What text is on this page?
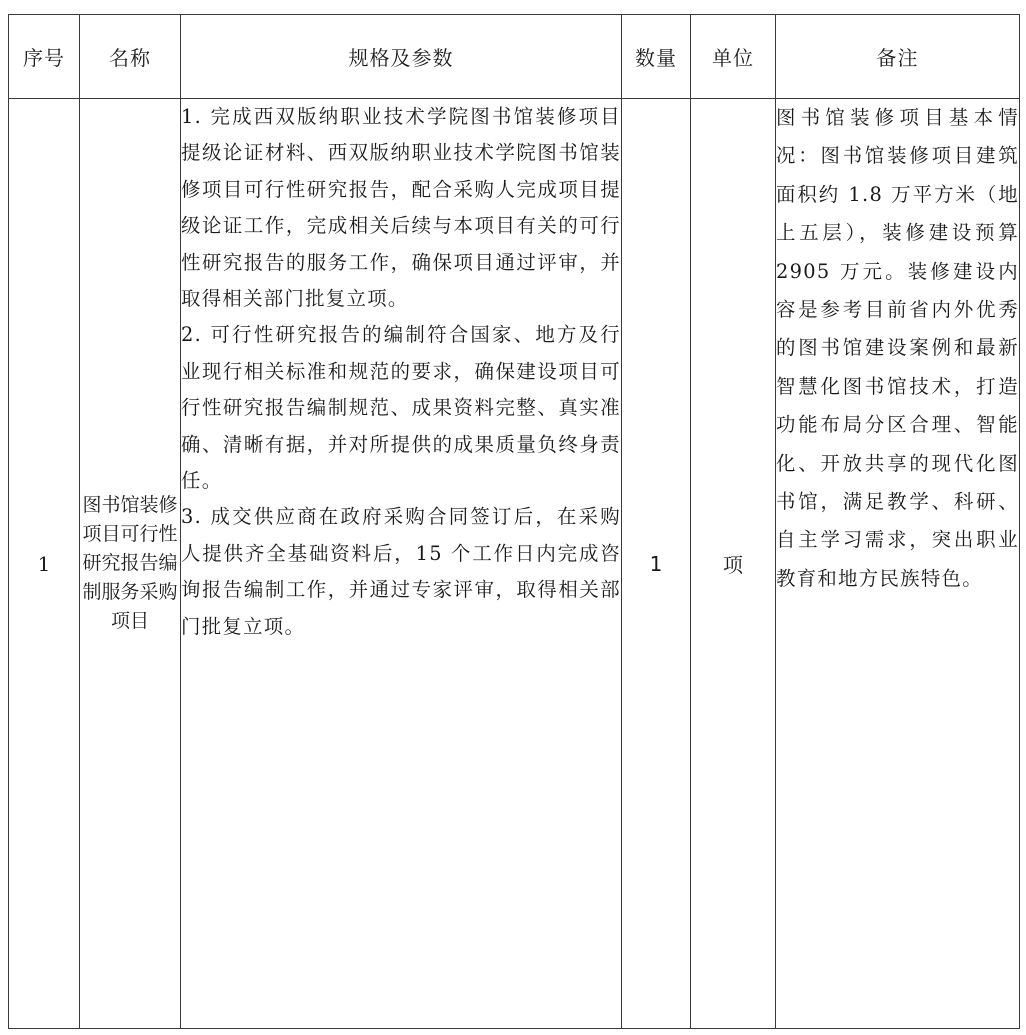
序号	名称	规格及参数	数量	单位	备注
1	图书馆装修项目可行性研究报告编制服务采购项目	1. 完成西双版纳职业技术学院图书馆装修项目提级论证材料、西双版纳职业技术学院图书馆装修项目可行性研究报告，配合采购人完成项目提级论证工作，完成相关后续与本项目有关的可行性研究报告的服务工作，确保项目通过评审，并取得相关部门批复立项。

2. 可行性研究报告的编制符合国家、地方及行业现行相关标准和规范的要求，确保建设项目可行性研究报告编制规范、成果资料完整、真实准确、清晰有据，并对所提供的成果质量负终身责任。

3. 成交供应商在政府采购合同签订后，在采购人提供齐全基础资料后，15 个工作日内完成咨询报告编制工作，并通过专家评审，取得相关部门批复立项。	1	项	图书馆装修项目基本情况：图书馆装修项目建筑面积约 1.8 万平方米（地上五层），装修建设预算 2905 万元。装修建设内容是参考目前省内外优秀的图书馆建设案例和最新智慧化图书馆技术，打造功能布局分区合理、智能化、开放共享的现代化图书馆，满足教学、科研、自主学习需求，突出职业教育和地方民族特色。
